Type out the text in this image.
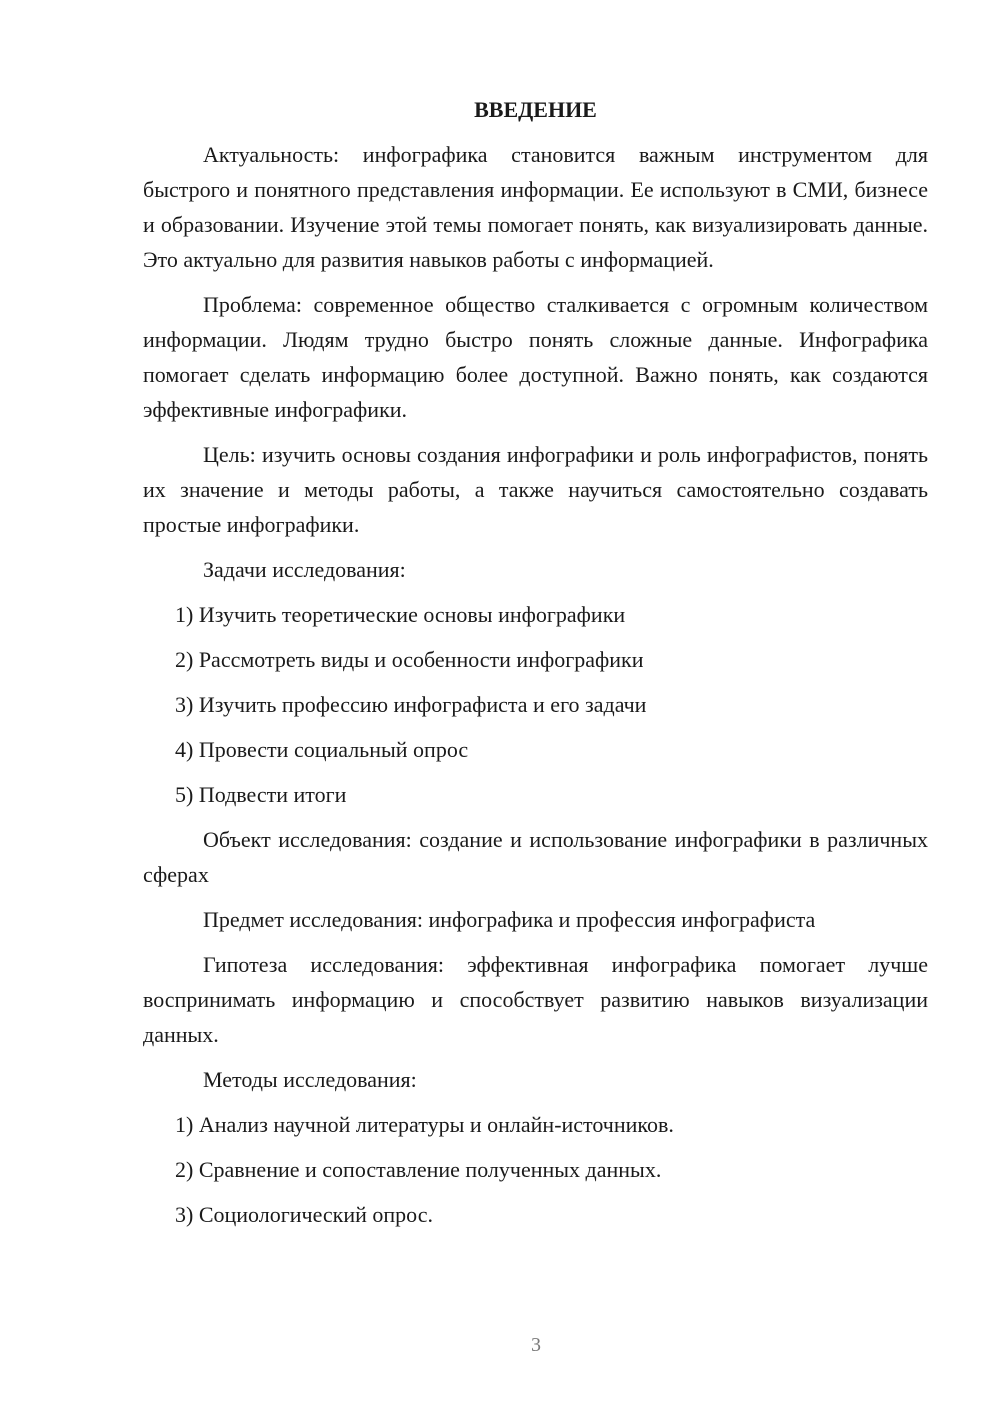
ВВЕДЕНИЕ

Актуальность: инфографика становится важным инструментом для быстрого и понятного представления информации. Ее используют в СМИ, бизнесе и образовании. Изучение этой темы помогает понять, как визуализировать данные. Это актуально для развития навыков работы с информацией.

Проблема: современное общество сталкивается с огромным количеством информации. Людям трудно быстро понять сложные данные. Инфографика помогает сделать информацию более доступной. Важно понять, как создаются эффективные инфографики.

Цель: изучить основы создания инфографики и роль инфографистов, понять их значение и методы работы, а также научиться самостоятельно создавать простые инфографики.

Задачи исследования:

1) Изучить теоретические основы инфографики
2) Рассмотреть виды и особенности инфографики
3) Изучить профессию инфографиста и его задачи
4) Провести социальный опрос
5) Подвести итоги

Объект исследования: создание и использование инфографики в различных сферах

Предмет исследования: инфографика и профессия инфографиста

Гипотеза исследования: эффективная инфографика помогает лучше воспринимать информацию и способствует развитию навыков визуализации данных.

Методы исследования:

1) Анализ научной литературы и онлайн-источников.
2) Сравнение и сопоставление полученных данных.
3) Социологический опрос.
3
